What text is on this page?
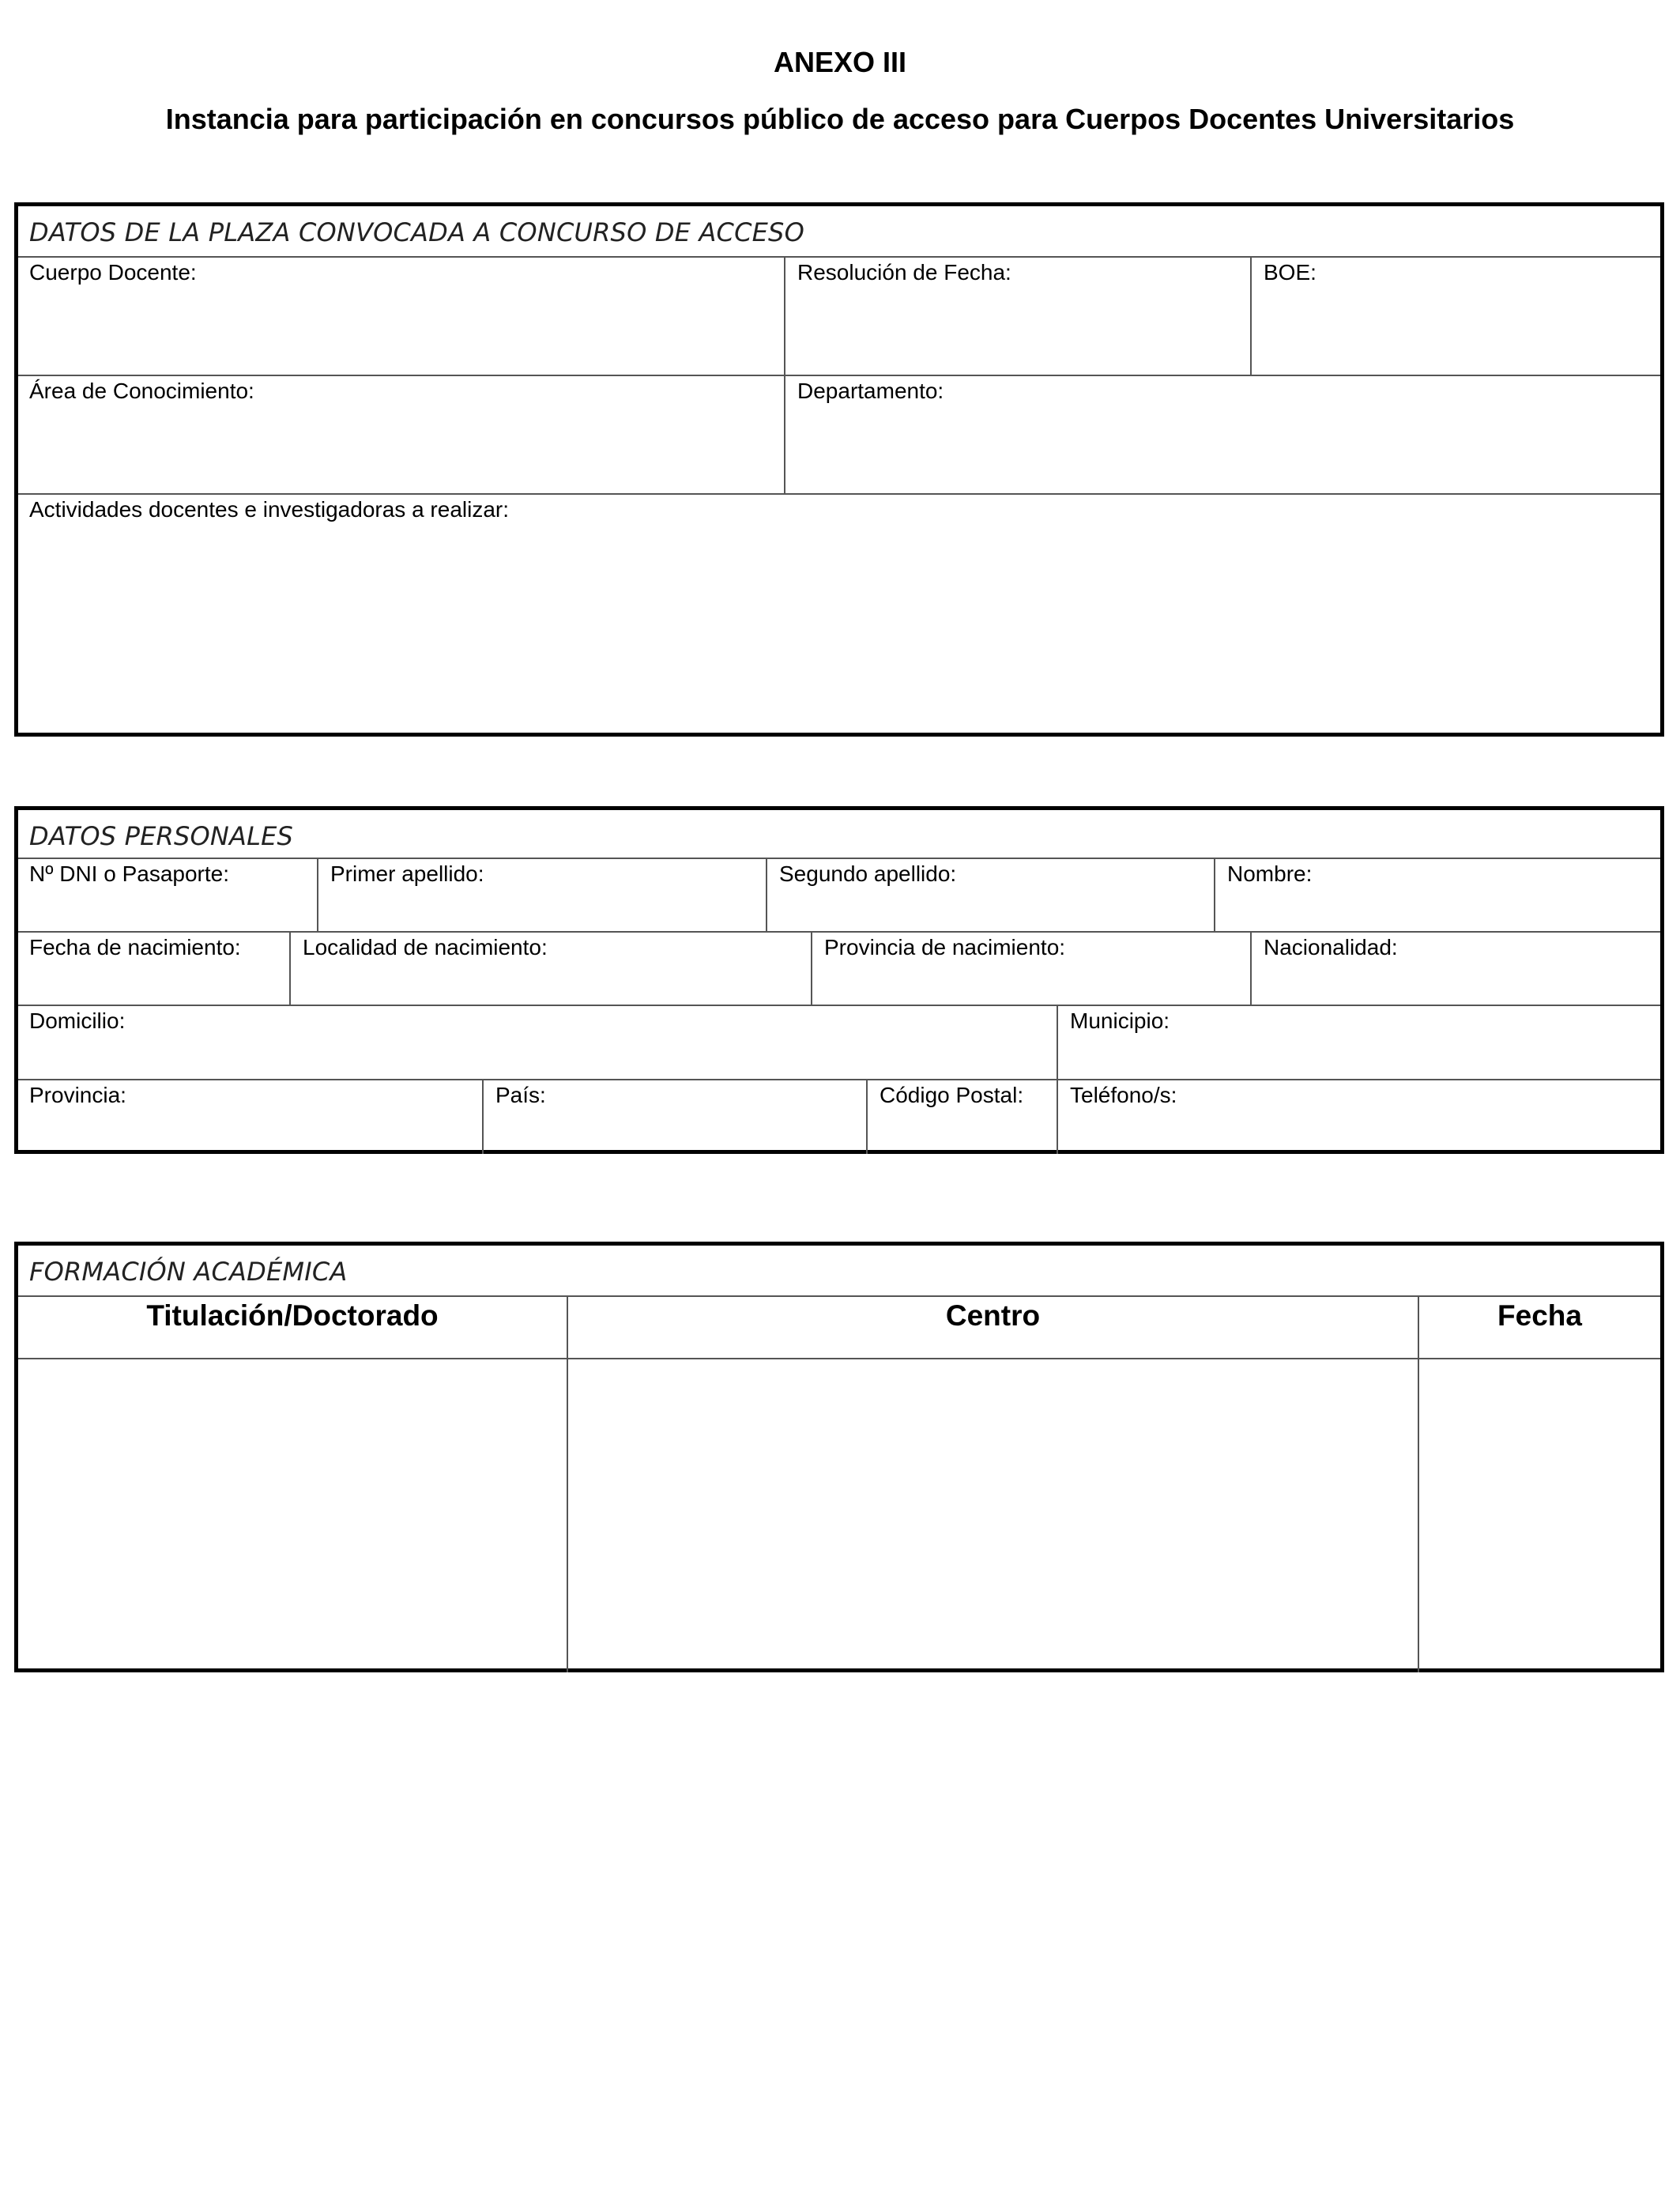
ANEXO III
Instancia para participación en concursos público de acceso para Cuerpos Docentes Universitarios
DATOS DE LA PLAZA CONVOCADA A CONCURSO DE ACCESO
Cuerpo Docente:	Resolución de Fecha:	BOE:
Área de Conocimiento:	Departamento:
Actividades docentes e investigadoras a realizar:
DATOS PERSONALES
Nº DNI o Pasaporte:	Primer apellido:	Segundo apellido:	Nombre:
Fecha de nacimiento:	Localidad de nacimiento:	Provincia de nacimiento:	Nacionalidad:
Domicilio:	Municipio:
Provincia:	País:	Código Postal: Teléfono/s:
FORMACIÓN ACADÉMICA
Titulación/Doctorado	Centro	Fecha
